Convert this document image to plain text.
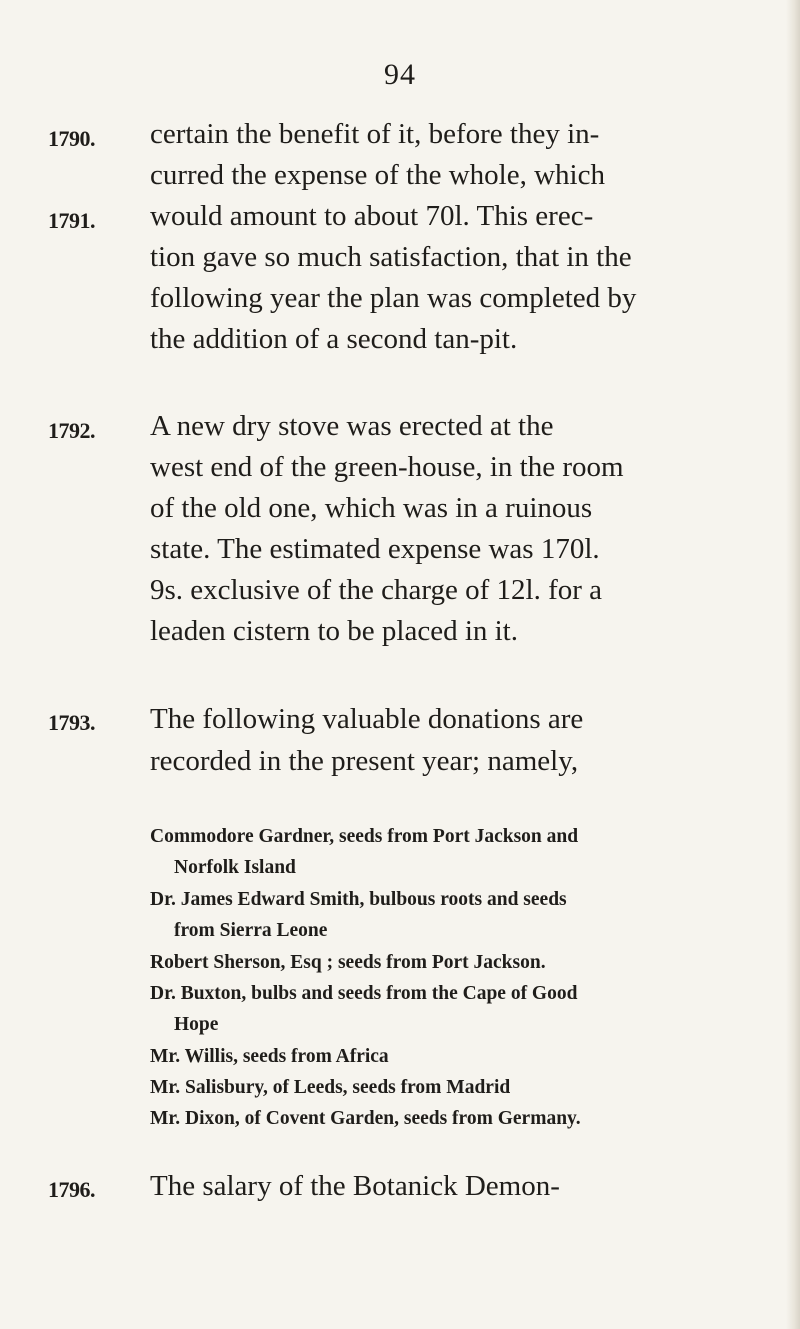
94
1790.
1791.
1792.
1793.
1796.
certain the benefit of it, before they in-
curred the expense of the whole, which
would amount to about 70l. This erec-
tion gave so much satisfaction, that in the
following year the plan was completed by
the addition of a second tan-pit.
A new dry stove was erected at the
west end of the green-house, in the room
of the old one, which was in a ruinous
state. The estimated expense was 170l.
9s. exclusive of the charge of 12l. for a
leaden cistern to be placed in it.
The following valuable donations are
recorded in the present year; namely,
Commodore Gardner, seeds from Port Jackson and
Norfolk Island
Dr. James Edward Smith, bulbous roots and seeds
from Sierra Leone
Robert Sherson, Esq ; seeds from Port Jackson.
Dr. Buxton, bulbs and seeds from the Cape of Good
Hope
Mr. Willis, seeds from Africa
Mr. Salisbury, of Leeds, seeds from Madrid
Mr. Dixon, of Covent Garden, seeds from Germany.
The salary of the Botanick Demon-
